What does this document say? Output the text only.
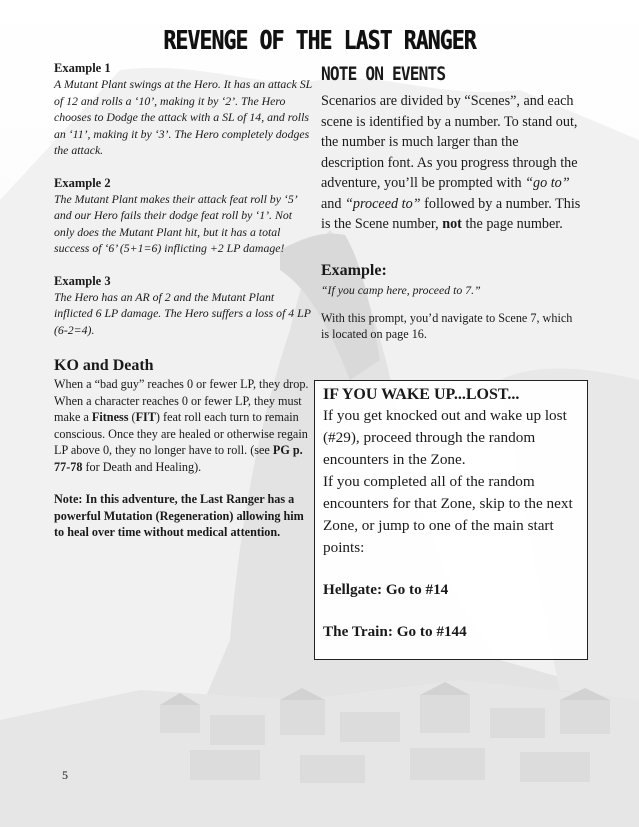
REVENGE OF THE LAST RANGER

Example 1

A Mutant Plant swings at the Hero. It has an attack SL of 12 and rolls a ‘10’, making it by ‘2’. The Hero chooses to Dodge the attack with a SL of 14, and rolls an ‘11’, making it by ‘3’. The Hero completely dodges the attack.

Example 2

The Mutant Plant makes their attack feat roll by ‘5’ and our Hero fails their dodge feat roll by ‘1’. Not only does the Mutant Plant hit, but it has a total success of ‘6’ (5+1=6) inflicting +2 LP damage!

Example 3

The Hero has an AR of 2 and the Mutant Plant inflicted 6 LP damage. The Hero suffers a loss of 4 LP (6-2=4).

KO and Death

When a “bad guy” reaches 0 or fewer LP, they drop. When a character reaches 0 or fewer LP, they must make a Fitness (FIT) feat roll each turn to remain conscious. Once they are healed or otherwise regain LP above 0, they no longer have to roll. (see PG p. 77-78 for Death and Healing).

Note: In this adventure, the Last Ranger has a powerful Mutation (Regeneration) allowing him to heal over time without medical attention.

NOTE ON EVENTS

Scenarios are divided by “Scenes”, and each scene is identified by a number. To stand out, the number is much larger than the description font. As you progress through the adventure, you’ll be prompted with “go to” and “proceed to” followed by a number. This is the Scene number, not the page number.

Example:

“If you camp here, proceed to 7.”

With this prompt, you’d navigate to Scene 7, which is located on page 16.

IF YOU WAKE UP...LOST...

If you get knocked out and wake up lost (#29), proceed through the random encounters in the Zone.

If you completed all of the random encounters for that Zone, skip to the next Zone, or jump to one of the main start points:

Hellgate: Go to #14

The Train: Go to #144

5
